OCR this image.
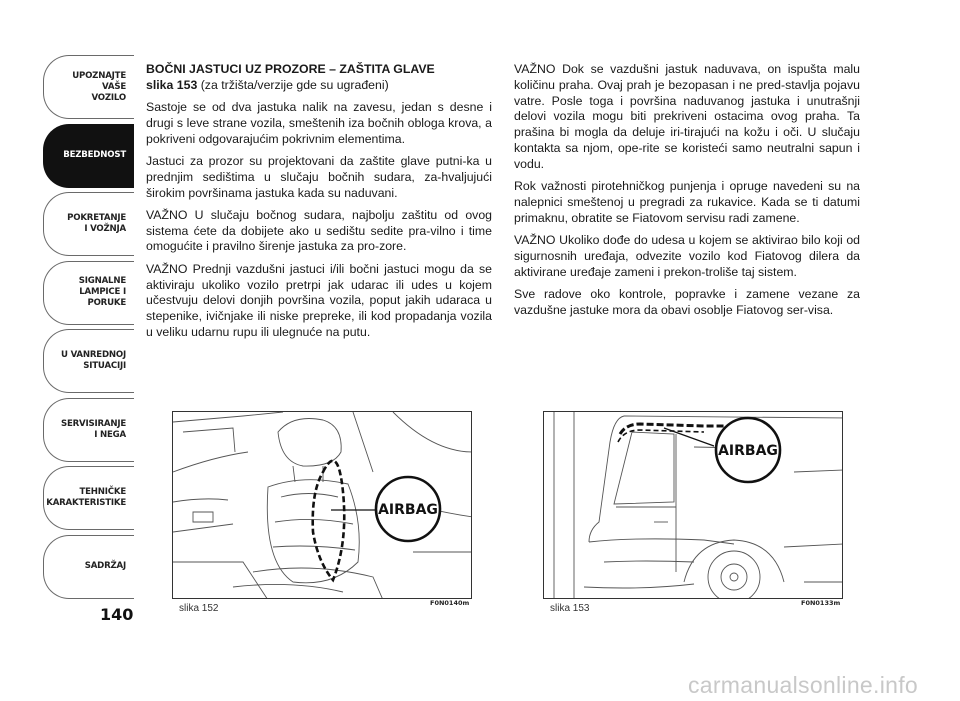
UPOZNAJTE
VAŠE
VOZILO
BEZBEDNOST
POKRETANJE
I VOŽNJA
SIGNALNE
LAMPICE I PORUKE
U VANREDNOJ
SITUACIJI
SERVISIRANJE
I NEGA
TEHNIČKE
KARAKTERISTIKE
SADRŽAJ
140
BOČNI JASTUCI UZ PROZORE – ZAŠTITA GLAVE
slika 153 (za tržišta/verzije gde su ugrađeni)

Sastoje se od dva jastuka nalik na zavesu, jedan s desne i drugi s leve strane vozila, smeštenih iza bočnih obloga krova, a pokriveni odgovarajućim pokrivnim elementima.

Jastuci za prozor su projektovani da zaštite glave putni-ka u prednjim sedištima u slučaju bočnih sudara, za-hvaljujući širokim površinama jastuka kada su naduvani.

VAŽNO U slučaju bočnog sudara, najbolju zaštitu od ovog sistema ćete da dobijete ako u sedištu sedite pra-vilno i time omogućite i pravilno širenje jastuka za pro-zore.

VAŽNO Prednji vazdušni jastuci i/ili bočni jastuci mogu da se aktiviraju ukoliko vozilo pretrpi jak udarac ili udes u kojem učestvuju delovi donjih površina vozila, poput jakih udaraca u stepenike, ivičnjake ili niske prepreke, ili kod propadanja vozila u veliku udarnu rupu ili ulegnuće na putu.

VAŽNO Dok se vazdušni jastuk naduvava, on ispušta malu količinu praha. Ovaj prah je bezopasan i ne pred-stavlja pojavu vatre. Posle toga i površina naduvanog jastuka i unutrašnji delovi vozila mogu biti prekriveni ostacima ovog praha. Ta prašina bi mogla da deluje iri-tirajući na kožu i oči. U slučaju kontakta sa njom, ope-rite se koristeći samo neutralni sapun i vodu.

Rok važnosti pirotehničkog punjenja i opruge navedeni su na nalepnici smeštenoj u pregradi za rukavice. Kada se ti datumi primaknu, obratite se Fiatovom servisu radi zamene.

VAŽNO Ukoliko dođe do udesa u kojem se aktivirao bilo koji od sigurnosnih uređaja, odvezite vozilo kod Fiatovog dilera da aktivirane uređaje zameni i prekon-troliše taj sistem.

Sve radove oko kontrole, popravke i zamene vezane za vazdušne jastuke mora da obavi osoblje Fiatovog ser-visa.

AIRBAG
slika 152	F0N0140m
AIRBAG
slika 153	F0N0133m
carmanualsonline.info
